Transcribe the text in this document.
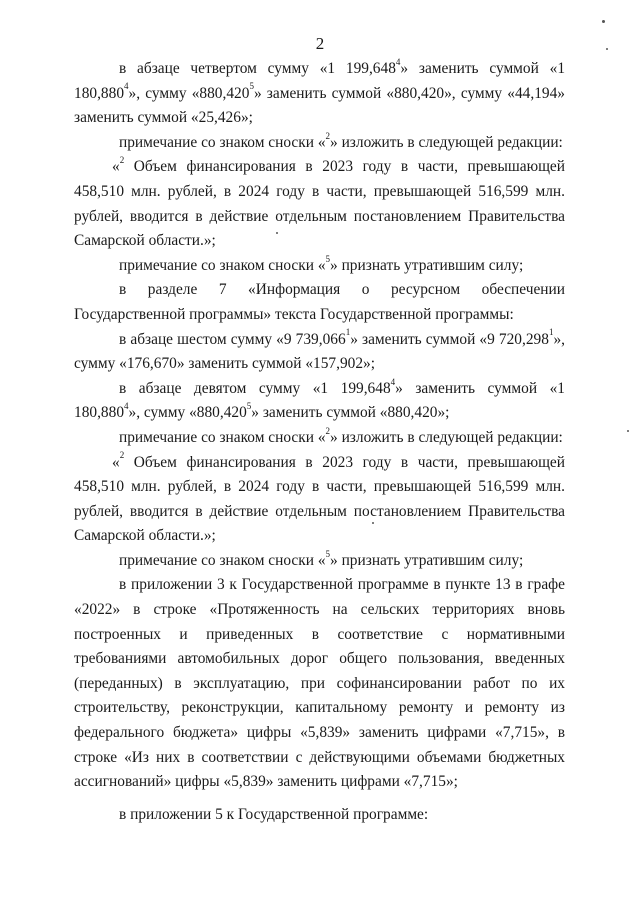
2

в абзаце четвертом сумму «1 199,648$^4$» заменить суммой «1 180,880$^4$», сумму «880,420$^5$» заменить суммой «880,420», сумму «44,194» заменить суммой «25,426»;

примечание со знаком сноски «$^2$» изложить в следующей редакции:

«$^2$ Объем финансирования в 2023 году в части, превышающей 458,510 млн. рублей, в 2024 году в части, превышающей 516,599 млн. рублей, вводится в действие отдельным постановлением Правительства Самарской области.»;

примечание со знаком сноски «$^5$» признать утратившим силу;

в разделе 7 «Информация о ресурсном обеспечении Государственной программы» текста Государственной программы:

в абзаце шестом сумму «9 739,066$^1$» заменить суммой «9 720,298$^1$», сумму «176,670» заменить суммой «157,902»;

в абзаце девятом сумму «1 199,648$^4$» заменить суммой «1 180,880$^4$», сумму «880,420$^5$» заменить суммой «880,420»;

примечание со знаком сноски «$^2$» изложить в следующей редакции:

«$^2$ Объем финансирования в 2023 году в части, превышающей 458,510 млн. рублей, в 2024 году в части, превышающей 516,599 млн. рублей, вводится в действие отдельным постановлением Правительства Самарской области.»;

примечание со знаком сноски «$^5$» признать утратившим силу;

в приложении 3 к Государственной программе в пункте 13 в графе «2022» в строке «Протяженность на сельских территориях вновь построенных и приведенных в соответствие с нормативными требованиями автомобильных дорог общего пользования, введенных (переданных) в эксплуатацию, при софинансировании работ по их строительству, реконструкции, капитальному ремонту и ремонту из федерального бюджета» цифры «5,839» заменить цифрами «7,715», в строке «Из них в соответствии с действующими объемами бюджетных ассигнований» цифры «5,839» заменить цифрами «7,715»;

в приложении 5 к Государственной программе:
